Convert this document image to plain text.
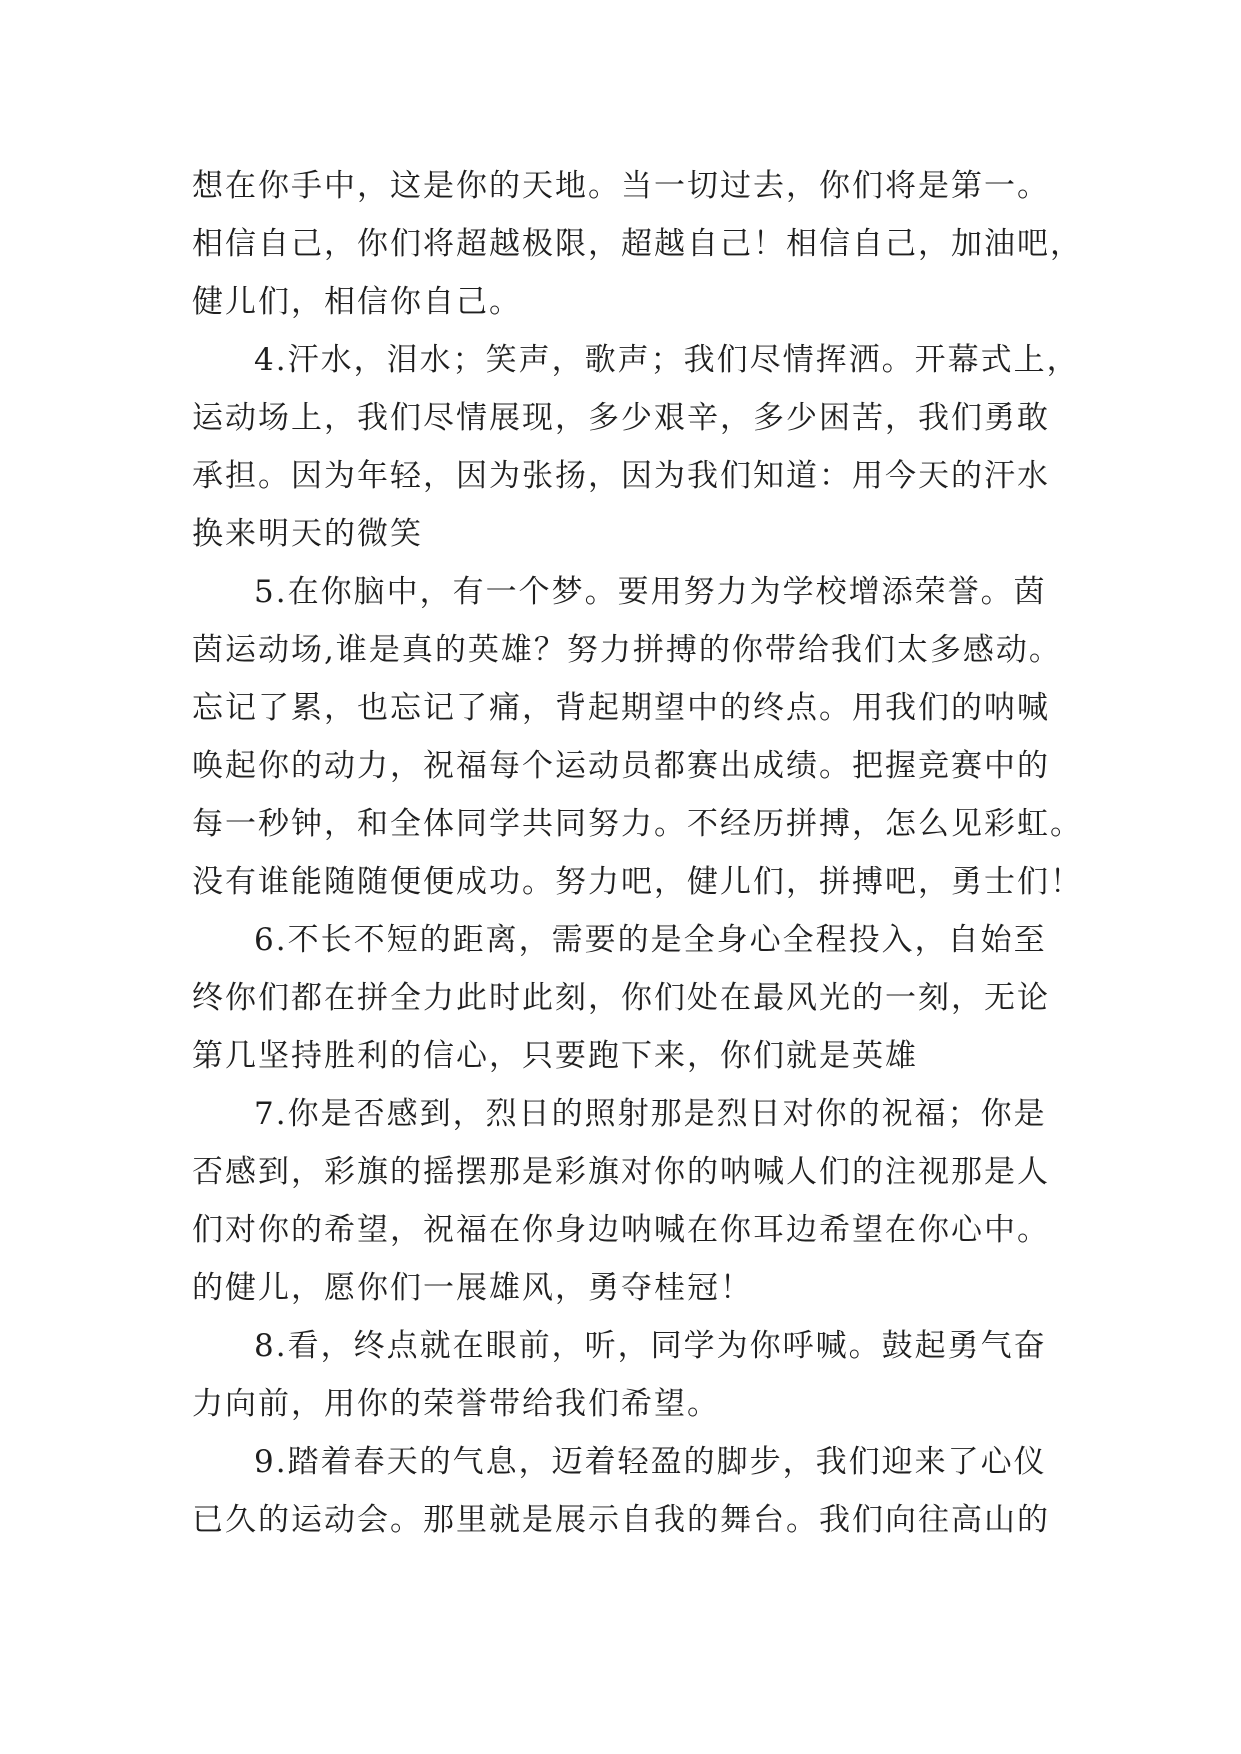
想在你手中，这是你的天地。当一切过去，你们将是第一。
相信自己，你们将超越极限，超越自己！相信自己，加油吧，
健儿们，相信你自己。
4.汗水，泪水；笑声，歌声；我们尽情挥洒。开幕式上，
运动场上，我们尽情展现，多少艰辛，多少困苦，我们勇敢
承担。因为年轻，因为张扬，因为我们知道：用今天的汗水
换来明天的微笑
5.在你脑中，有一个梦。要用努力为学校增添荣誉。茵
茵运动场,谁是真的英雄？努力拼搏的你带给我们太多感动。
忘记了累，也忘记了痛，背起期望中的终点。用我们的呐喊
唤起你的动力，祝福每个运动员都赛出成绩。把握竞赛中的
每一秒钟，和全体同学共同努力。不经历拼搏，怎么见彩虹。
没有谁能随随便便成功。努力吧，健儿们，拼搏吧，勇士们！
6.不长不短的距离，需要的是全身心全程投入，自始至
终你们都在拼全力此时此刻，你们处在最风光的一刻，无论
第几坚持胜利的信心，只要跑下来，你们就是英雄
7.你是否感到，烈日的照射那是烈日对你的祝福；你是
否感到，彩旗的摇摆那是彩旗对你的呐喊人们的注视那是人
们对你的希望，祝福在你身边呐喊在你耳边希望在你心中。
的健儿，愿你们一展雄风，勇夺桂冠！
8.看，终点就在眼前，听，同学为你呼喊。鼓起勇气奋
力向前，用你的荣誉带给我们希望。
9.踏着春天的气息，迈着轻盈的脚步，我们迎来了心仪
已久的运动会。那里就是展示自我的舞台。我们向往高山的
